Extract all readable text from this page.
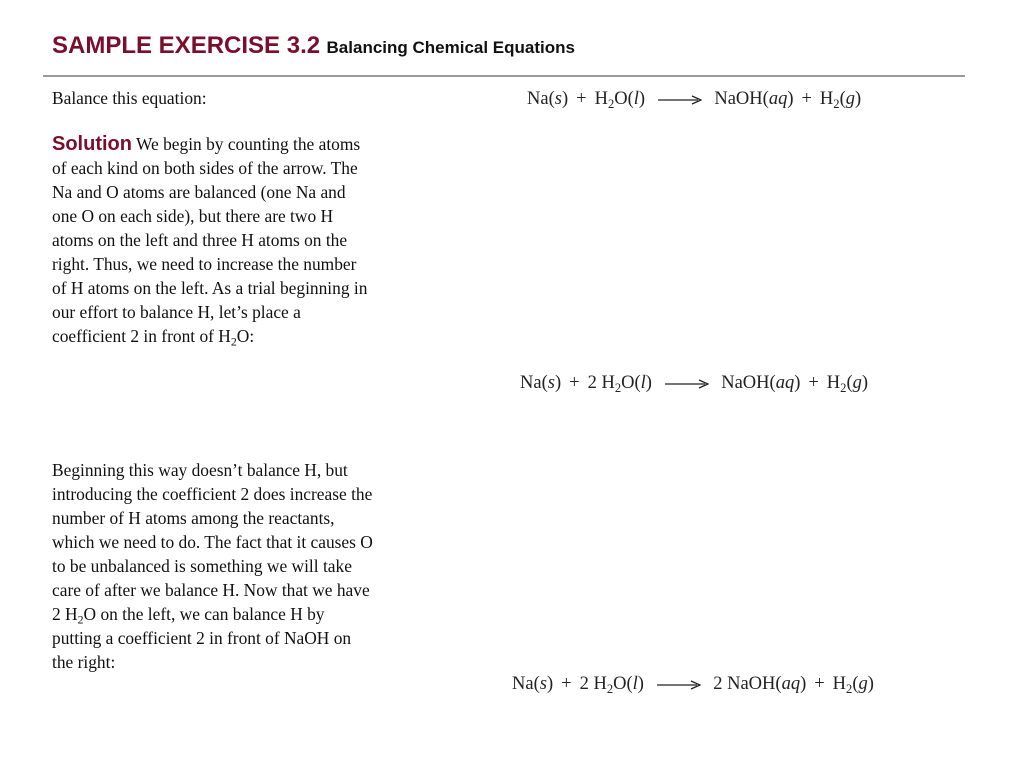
SAMPLE EXERCISE 3.2 Balancing Chemical Equations
Balance this equation:
Solution We begin by counting the atoms of each kind on both sides of the arrow. The Na and O atoms are balanced (one Na and one O on each side), but there are two H atoms on the left and three H atoms on the right. Thus, we need to increase the number of H atoms on the left. As a trial beginning in our effort to balance H, let’s place a coefficient 2 in front of $H_2O$:
Beginning this way doesn’t balance H, but introducing the coefficient 2 does increase the number of H atoms among the reactants, which we need to do. The fact that it causes O to be unbalanced is something we will take care of after we balance H. Now that we have 2 $H_2O$ on the left, we can balance H by putting a coefficient 2 in front of NaOH on the right:
$Na(s) + H_2O(l)$ → NaOH(aq) + $H_2(g)$
Na(s) + 2 $H_2O(l)$ → NaOH(aq) + $H_2(g)$
Na(s) + 2 $H_2O(l) \to 2$ NaOH(aq) + $H_2(g)$
